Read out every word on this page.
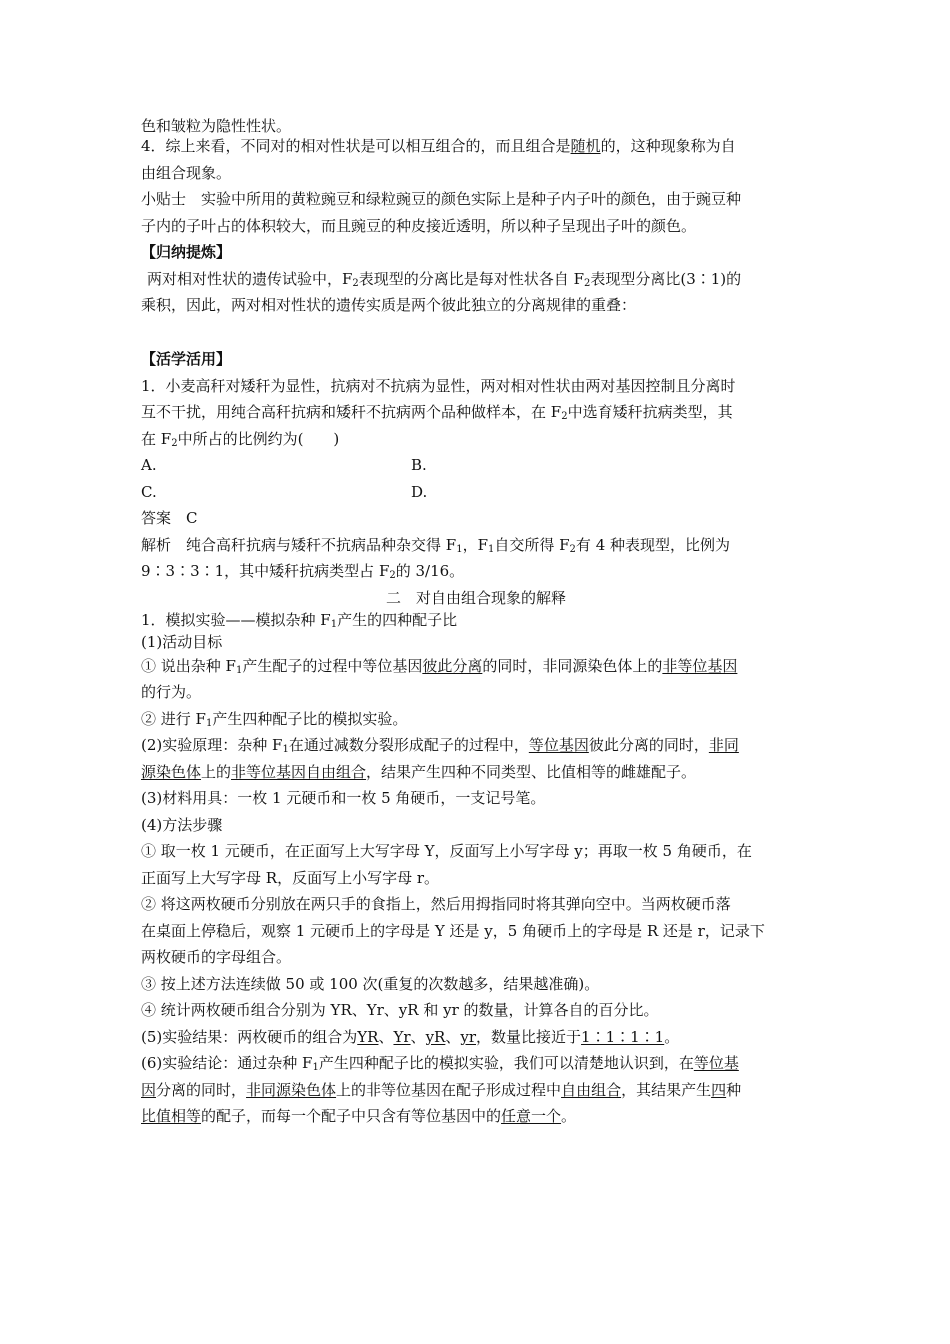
色和皱粒为隐性性状。

4．综上来看，不同对的相对性状是可以相互组合的，而且组合是随机的，这种现象称为自

由组合现象。

小贴士　实验中所用的黄粒豌豆和绿粒豌豆的颜色实际上是种子内子叶的颜色，由于豌豆种

子内的子叶占的体积较大，而且豌豆的种皮接近透明，所以种子呈现出子叶的颜色。

【归纳提炼】

两对相对性状的遗传试验中，$F_2$表现型的分离比是每对性状各自 $F_2$表现型分离比(3∶1)的

乘积，因此，两对相对性状的遗传实质是两个彼此独立的分离规律的重叠：

【活学活用】

1．小麦高秆对矮秆为显性，抗病对不抗病为显性，两对相对性状由两对基因控制且分离时

互不干扰，用纯合高秆抗病和矮秆不抗病两个品种做样本，在 $F_2$中选育矮秆抗病类型，其

在 $F_2$中所占的比例约为(　　)

A.	B.

C.	D.

答案　C

解析　纯合高秆抗病与矮秆不抗病品种杂交得 $F_1$，$F_1$自交所得 $F_2$有 4 种表现型，比例为

9∶3∶3∶1，其中矮秆抗病类型占 $F_2$的 3/16。

二　对自由组合现象的解释

1．模拟实验——模拟杂种 $F_1$产生的四种配子比

(1)活动目标

① 说出杂种 $F_1$产生配子的过程中等位基因彼此分离的同时，非同源染色体上的非等位基因

的行为。

② 进行 $F_1$产生四种配子比的模拟实验。

(2)实验原理：杂种 $F_1$在通过减数分裂形成配子的过程中，等位基因彼此分离的同时，非同

源染色体上的非等位基因自由组合，结果产生四种不同类型、比值相等的雌雄配子。

(3)材料用具：一枚 1 元硬币和一枚 5 角硬币，一支记号笔。

(4)方法步骤

① 取一枚 1 元硬币，在正面写上大写字母 Y，反面写上小写字母 y；再取一枚 5 角硬币，在

正面写上大写字母 R，反面写上小写字母 r。

② 将这两枚硬币分别放在两只手的食指上，然后用拇指同时将其弹向空中。当两枚硬币落

在桌面上停稳后，观察 1 元硬币上的字母是 Y 还是 y，5 角硬币上的字母是 R 还是 r，记录下

两枚硬币的字母组合。

③ 按上述方法连续做 50 或 100 次(重复的次数越多，结果越准确)。

④ 统计两枚硬币组合分别为 YR、Yr、yR 和 yr 的数量，计算各自的百分比。

(5)实验结果：两枚硬币的组合为YR、Yr、yR、yr，数量比接近于1∶1∶1∶1。

(6)实验结论：通过杂种 $F_1$产生四种配子比的模拟实验，我们可以清楚地认识到，在等位基

因分离的同时，非同源染色体上的非等位基因在配子形成过程中自由组合，其结果产生四种

比值相等的配子，而每一个配子中只含有等位基因中的任意一个。
